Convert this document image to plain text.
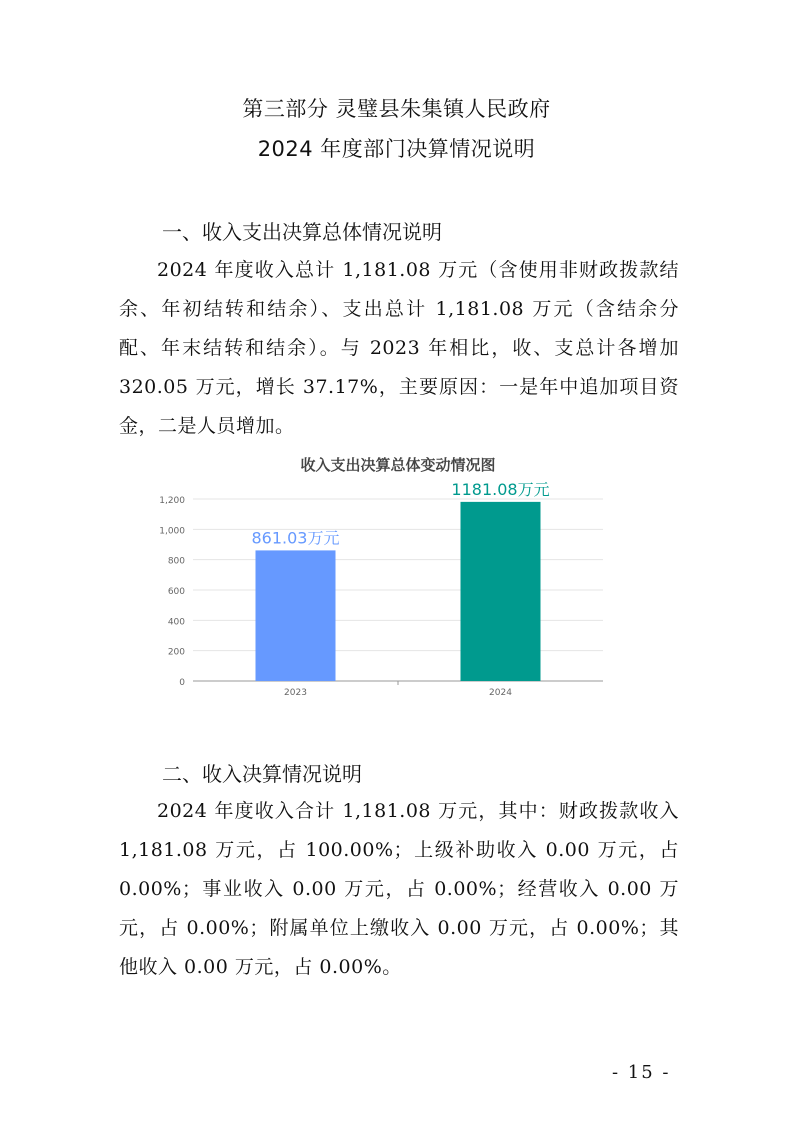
第三部分 灵璧县朱集镇人民政府
2024 年度部门决算情况说明
一、收入支出决算总体情况说明
2024 年度收入总计 1,181.08 万元（含使用非财政拨款结余、年初结转和结余）、支出总计 1,181.08 万元（含结余分配、年末结转和结余）。与 2023 年相比，收、支总计各增加 320.05 万元，增长 37.17%，主要原因：一是年中追加项目资金，二是人员增加。
收入支出决算总体变动情况图
0
200
400
600
800
1,000
1,200
861.03万元
2023
1181.08万元
2024
二、收入决算情况说明
2024 年度收入合计 1,181.08 万元，其中：财政拨款收入 1,181.08 万元，占 100.00%；上级补助收入 0.00 万元，占 0.00%；事业收入 0.00 万元，占 0.00%；经营收入 0.00 万元，占 0.00%；附属单位上缴收入 0.00 万元，占 0.00%；其他收入 0.00 万元，占 0.00%。
- 15 -
